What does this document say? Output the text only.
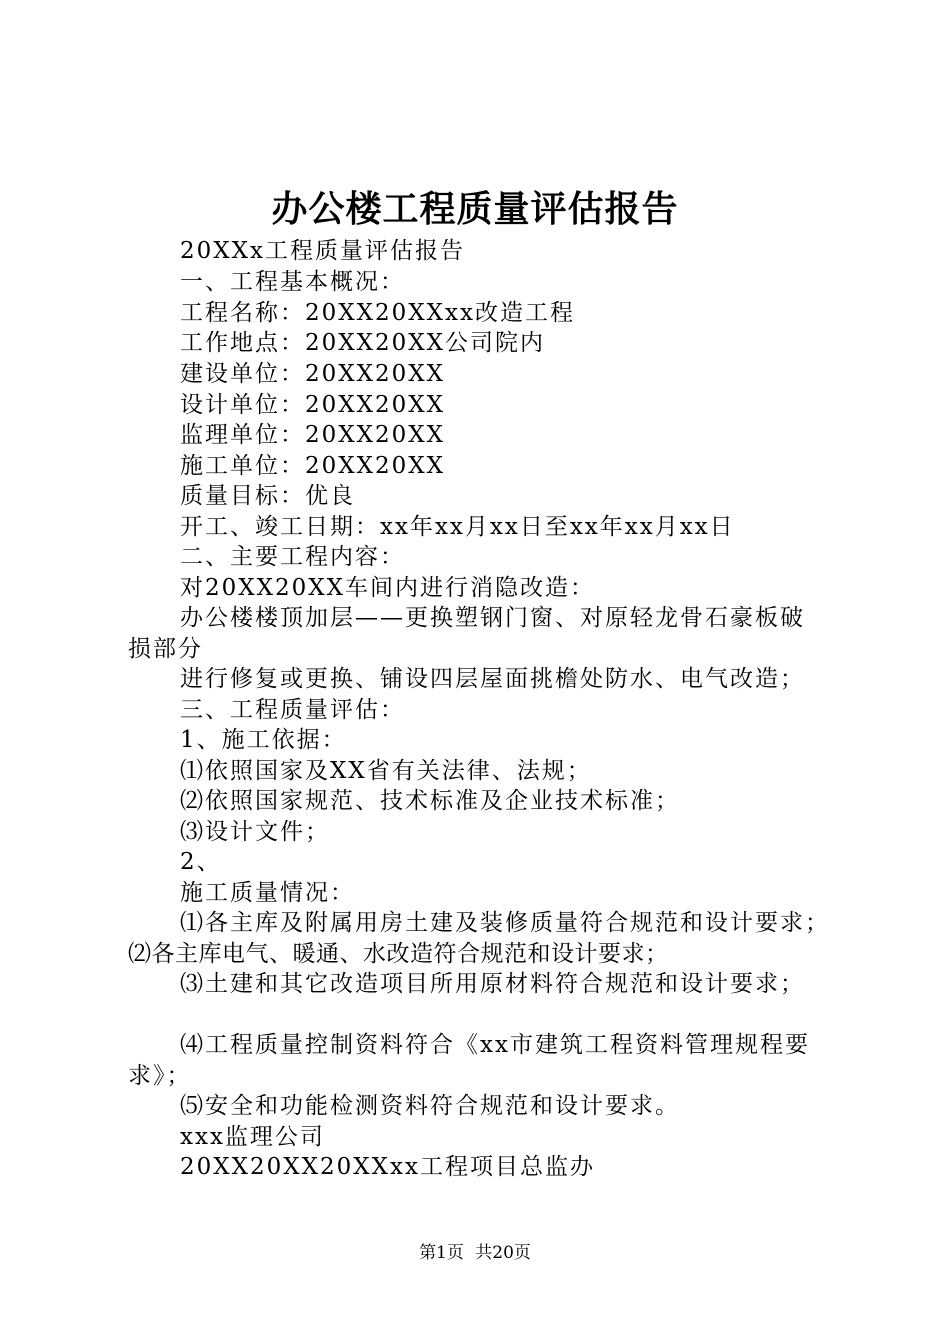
办公楼工程质量评估报告
20XXx工程质量评估报告
一、工程基本概况：
工程名称：20XX20XXxx改造工程
工作地点：20XX20XX公司院内
建设单位：20XX20XX
设计单位：20XX20XX
监理单位：20XX20XX
施工单位：20XX20XX
质量目标：优良
开工、竣工日期：xx年xx月xx日至xx年xx月xx日
二、主要工程内容：
对20XX20XX车间内进行消隐改造：
办公楼楼顶加层——更换塑钢门窗、对原轻龙骨石豪板破
损部分
进行修复或更换、铺设四层屋面挑檐处防水、电气改造；
三、工程质量评估：
1、施工依据：
⑴依照国家及XX省有关法律、法规；
⑵依照国家规范、技术标准及企业技术标准；
⑶设计文件；
2、
施工质量情况：
⑴各主库及附属用房土建及装修质量符合规范和设计要求；
⑵各主库电气、暖通、水改造符合规范和设计要求；
⑶土建和其它改造项目所用原材料符合规范和设计要求；
⑷工程质量控制资料符合《xx市建筑工程资料管理规程要
求》；
⑸安全和功能检测资料符合规范和设计要求。
xxx监理公司
20XX20XX20XXxx工程项目总监办
第1页 共20页
